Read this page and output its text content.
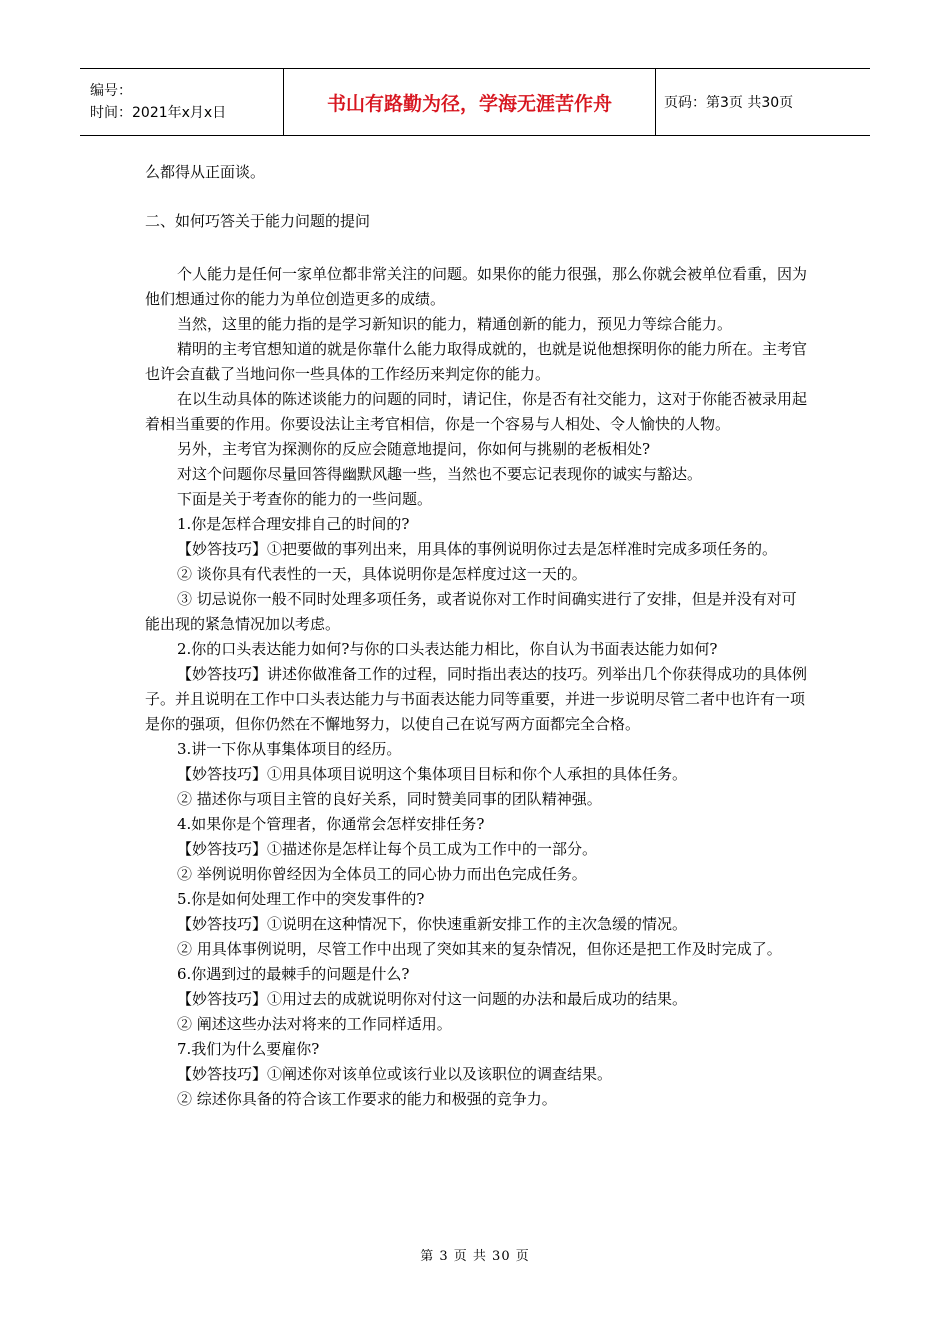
编号：
时间：2021年x月x日	书山有路勤为径，学海无涯苦作舟	页码：第3页 共30页

么都得从正面谈。

二、如何巧答关于能力问题的提问

个人能力是任何一家单位都非常关注的问题。如果你的能力很强，那么你就会被单位看重，因为他们想通过你的能力为单位创造更多的成绩。

当然，这里的能力指的是学习新知识的能力，精通创新的能力，预见力等综合能力。

精明的主考官想知道的就是你靠什么能力取得成就的，也就是说他想探明你的能力所在。主考官也许会直截了当地问你一些具体的工作经历来判定你的能力。

在以生动具体的陈述谈能力的问题的同时，请记住，你是否有社交能力，这对于你能否被录用起着相当重要的作用。你要设法让主考官相信，你是一个容易与人相处、令人愉快的人物。

另外，主考官为探测你的反应会随意地提问，你如何与挑剔的老板相处?

对这个问题你尽量回答得幽默风趣一些，当然也不要忘记表现你的诚实与豁达。

下面是关于考查你的能力的一些问题。

1.你是怎样合理安排自己的时间的?

【妙答技巧】①把要做的事列出来，用具体的事例说明你过去是怎样准时完成多项任务的。

② 谈你具有代表性的一天，具体说明你是怎样度过这一天的。

③ 切忌说你一般不同时处理多项任务，或者说你对工作时间确实进行了安排，但是并没有对可能出现的紧急情况加以考虑。

2.你的口头表达能力如何?与你的口头表达能力相比，你自认为书面表达能力如何?

【妙答技巧】讲述你做准备工作的过程，同时指出表达的技巧。列举出几个你获得成功的具体例子。并且说明在工作中口头表达能力与书面表达能力同等重要，并进一步说明尽管二者中也许有一项是你的强项，但你仍然在不懈地努力，以使自己在说写两方面都完全合格。

3.讲一下你从事集体项目的经历。

【妙答技巧】①用具体项目说明这个集体项目目标和你个人承担的具体任务。

② 描述你与项目主管的良好关系，同时赞美同事的团队精神强。

4.如果你是个管理者，你通常会怎样安排任务?

【妙答技巧】①描述你是怎样让每个员工成为工作中的一部分。

② 举例说明你曾经因为全体员工的同心协力而出色完成任务。

5.你是如何处理工作中的突发事件的?

【妙答技巧】①说明在这种情况下，你快速重新安排工作的主次急缓的情况。

② 用具体事例说明，尽管工作中出现了突如其来的复杂情况，但你还是把工作及时完成了。

6.你遇到过的最棘手的问题是什么?

【妙答技巧】①用过去的成就说明你对付这一问题的办法和最后成功的结果。

② 阐述这些办法对将来的工作同样适用。

7.我们为什么要雇你?

【妙答技巧】①阐述你对该单位或该行业以及该职位的调查结果。

② 综述你具备的符合该工作要求的能力和极强的竞争力。

第 3 页 共 30 页
